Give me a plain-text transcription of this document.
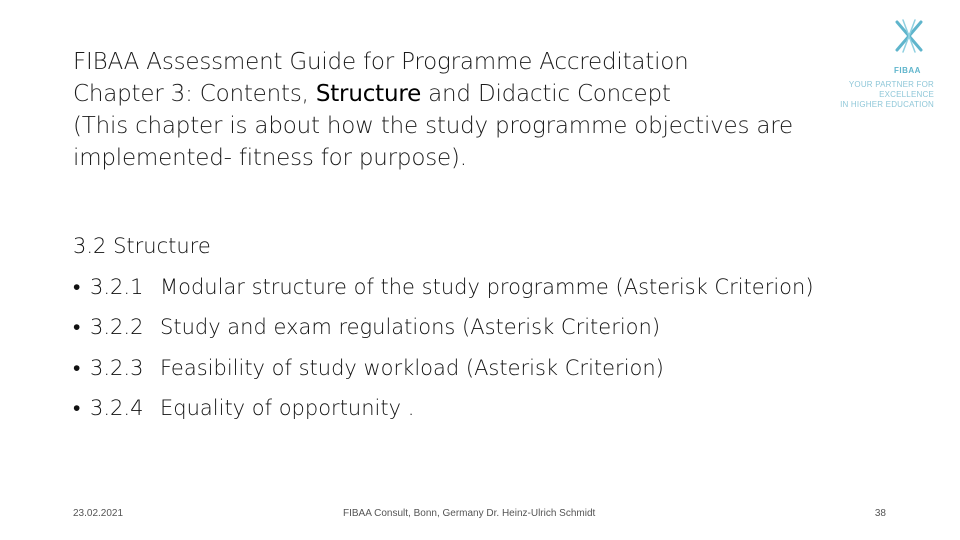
FIBAA Assessment Guide for Programme Accreditation
Chapter 3: Contents, Structure and Didactic Concept
(This chapter is about how the study programme objectives are
implemented- fitness for purpose).
FIBAA
YOUR PARTNER FOR EXCELLENCE
IN HIGHER EDUCATION
3.2 Structure
• 3.2.1 Modular structure of the study programme (Asterisk Criterion)
• 3.2.2 Study and exam regulations (Asterisk Criterion)
• 3.2.3 Feasibility of study workload (Asterisk Criterion)
• 3.2.4 Equality of opportunity .
23.02.2021	FIBAA Consult, Bonn, Germany Dr. Heinz-Ulrich Schmidt	38
